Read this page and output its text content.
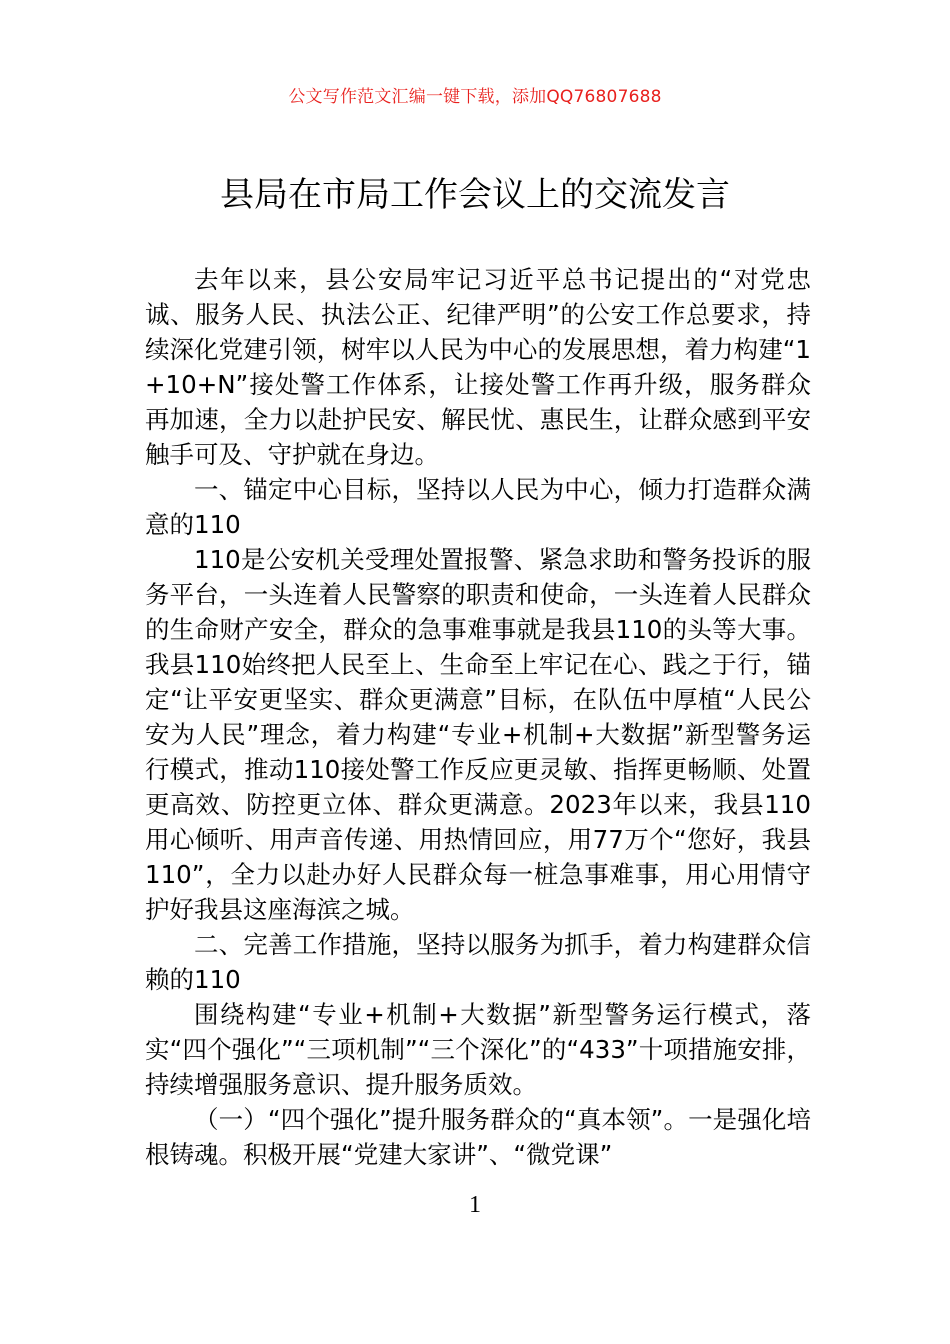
公文写作范文汇编一键下载，添加QQ76807688
县局在市局工作会议上的交流发言

去年以来，县公安局牢记习近平总书记提出的“对党忠诚、服务人民、执法公正、纪律严明”的公安工作总要求，持续深化党建引领，树牢以人民为中心的发展思想，着力构建“1+10+N”接处警工作体系，让接处警工作再升级，服务群众再加速，全力以赴护民安、解民忧、惠民生，让群众感到平安触手可及、守护就在身边。

一、锚定中心目标，坚持以人民为中心，倾力打造群众满意的110

110是公安机关受理处置报警、紧急求助和警务投诉的服务平台，一头连着人民警察的职责和使命，一头连着人民群众的生命财产安全，群众的急事难事就是我县110的头等大事。我县110始终把人民至上、生命至上牢记在心、践之于行，锚定“让平安更坚实、群众更满意”目标，在队伍中厚植“人民公安为人民”理念，着力构建“专业+机制+大数据”新型警务运行模式，推动110接处警工作反应更灵敏、指挥更畅顺、处置更高效、防控更立体、群众更满意。2023年以来，我县110用心倾听、用声音传递、用热情回应，用77万个“您好，我县110”，全力以赴办好人民群众每一桩急事难事，用心用情守护好我县这座海滨之城。

二、完善工作措施，坚持以服务为抓手，着力构建群众信赖的110

围绕构建“专业+机制+大数据”新型警务运行模式，落实“四个强化”“三项机制”“三个深化”的“433”十项措施安排，持续增强服务意识、提升服务质效。

（一）“四个强化”提升服务群众的“真本领”。一是强化培根铸魂。积极开展“党建大家讲”、“微党课”

1
